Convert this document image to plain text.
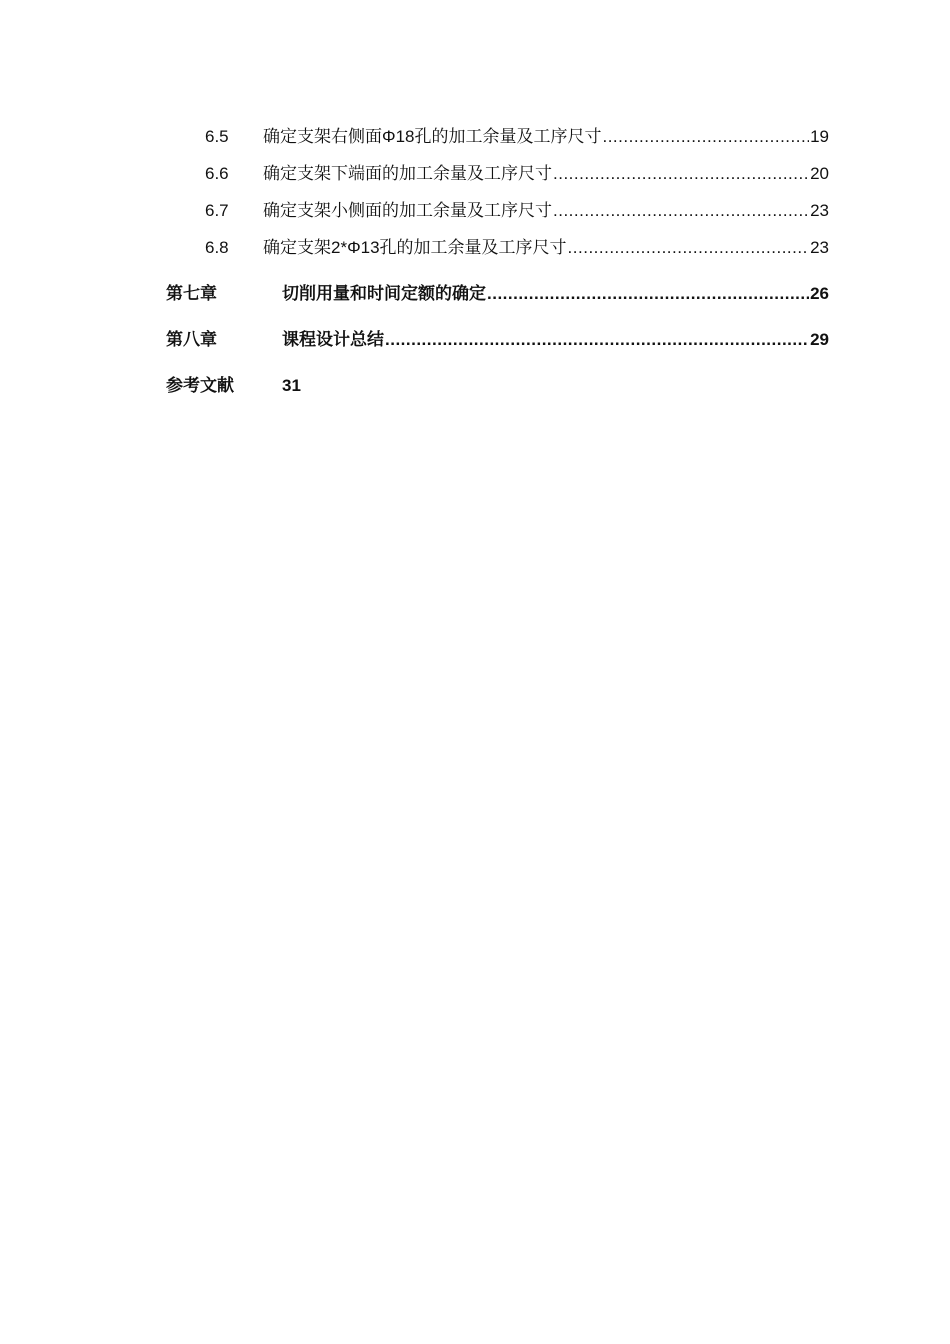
6.5	确定支架右侧面Φ18孔的加工余量及工序尺寸 .....	19
6.6	确定支架下端面的加工余量及工序尺寸 .....	20
6.7	确定支架小侧面的加工余量及工序尺寸 .....	23
6.8	确定支架2*Φ13孔的加工余量及工序尺寸 .....	23
第七章	切削用量和时间定额的确定 .....	26
第八章	课程设计总结 .....	29
参考文献	31
